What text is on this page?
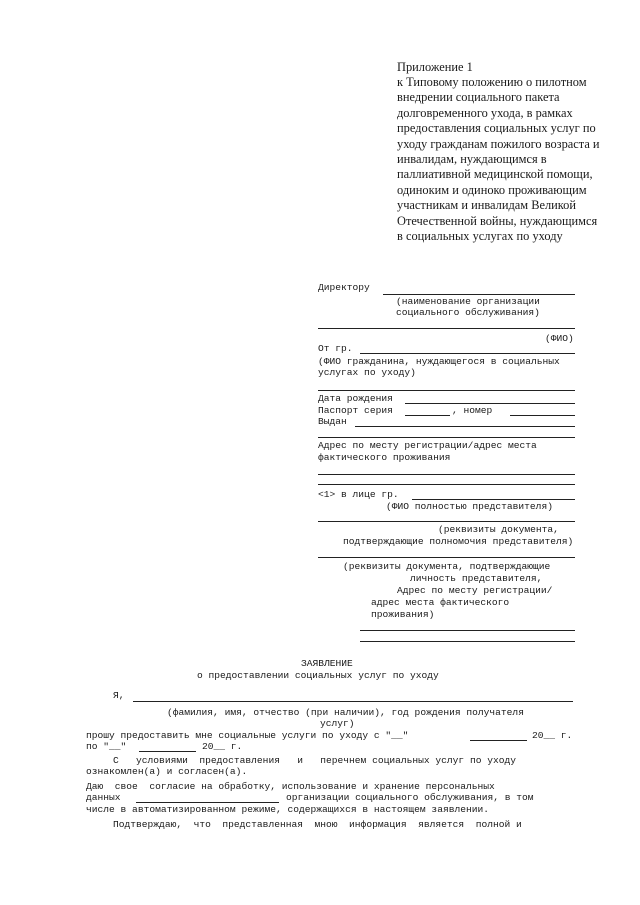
Приложение 1
к Типовому положению о пилотном
внедрении социального пакета
долговременного ухода, в рамках
предоставления социальных услуг по
уходу гражданам пожилого возраста и
инвалидам, нуждающимся в
паллиативной медицинской помощи,
одиноким и одиноко проживающим
участникам и инвалидам Великой
Отечественной войны, нуждающимся
в социальных услугах по уходу
Директору
(наименование организации
социального обслуживания)
(ФИО)
От гр.
(ФИО гражданина, нуждающегося в социальных
услугах по уходу)
Дата рождения
Паспорт серия	, номер
Выдан
Адрес по месту регистрации/адрес места
фактического проживания
<1> в лице гр.
(ФИО полностью представителя)
(реквизиты документа,
подтверждающие полномочия представителя)
(реквизиты документа, подтверждающие
личность представителя,
Адрес по месту регистрации/
адрес места фактического
проживания)
ЗАЯВЛЕНИЕ
о предоставлении социальных услуг по уходу
Я,
(фамилия, имя, отчество (при наличии), год рождения получателя
услуг)
прошу предоставить мне социальные услуги по уходу с "__"	20__ г.
по "__"	20__ г.
С   условиями  предоставления   и   перечнем социальных услуг по уходу
ознакомлен(а) и согласен(а).
Даю  свое  согласие на обработку, использование и хранение персональных
данных	организации социального обслуживания, в том
числе в автоматизированном режиме, содержащихся в настоящем заявлении.
Подтверждаю,  что  представленная  мною  информация  является  полной и
